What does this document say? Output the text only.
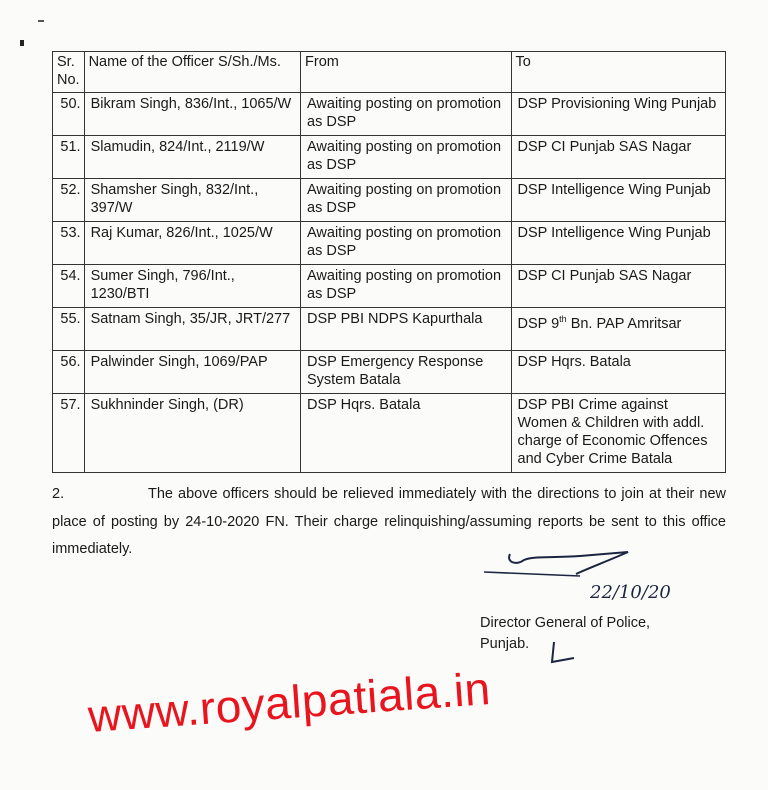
Sr. No.	Name of the Officer S/Sh./Ms.	From	To
50.	Bikram Singh, 836/Int., 1065/W	Awaiting posting on promotion as DSP	DSP Provisioning Wing Punjab
51.	Slamudin, 824/Int., 2119/W	Awaiting posting on promotion as DSP	DSP CI Punjab SAS Nagar
52.	Shamsher Singh, 832/Int., 397/W	Awaiting posting on promotion as DSP	DSP Intelligence Wing Punjab
53.	Raj Kumar, 826/Int., 1025/W	Awaiting posting on promotion as DSP	DSP Intelligence Wing Punjab
54.	Sumer Singh, 796/Int., 1230/BTI	Awaiting posting on promotion as DSP	DSP CI Punjab SAS Nagar
55.	Satnam Singh, 35/JR, JRT/277	DSP PBI NDPS Kapurthala	DSP 9th Bn. PAP Amritsar
56.	Palwinder Singh, 1069/PAP	DSP Emergency Response System Batala	DSP Hqrs. Batala
57.	Sukhninder Singh, (DR)	DSP Hqrs. Batala	DSP PBI Crime against Women & Children with addl. charge of Economic Offences and Cyber Crime Batala
2.	The above officers should be relieved immediately with the directions to join at their new place of posting by 24-10-2020 FN. Their charge relinquishing/assuming reports be sent to this office immediately.
www.royalpatiala.in
22/10/20
Director General of Police,
Punjab.
